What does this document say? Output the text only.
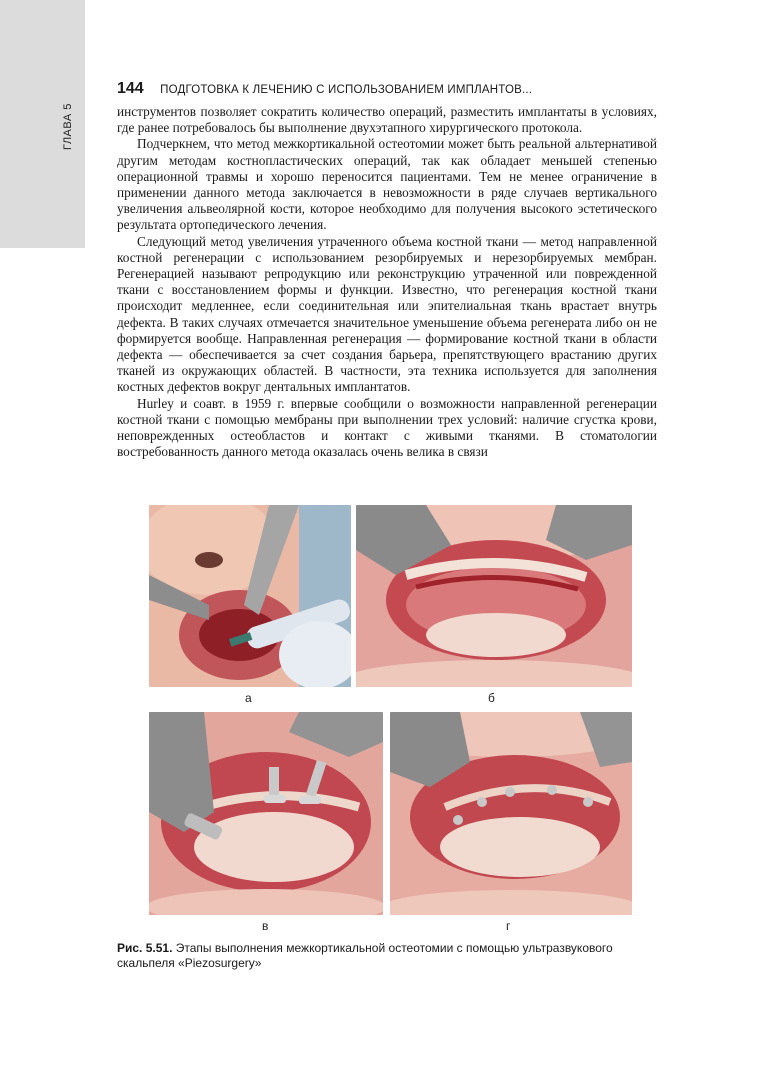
ГЛАВА 5
144 ПОДГОТОВКА К ЛЕЧЕНИЮ С ИСПОЛЬЗОВАНИЕМ ИМПЛАНТОВ...

инструментов позволяет сократить количество операций, разместить имплантаты в условиях, где ранее потребовалось бы выполнение двухэтапного хирургического протокола.

Подчеркнем, что метод межкортикальной остеотомии может быть реальной альтернативой другим методам костнопластических операций, так как обладает меньшей степенью операционной травмы и хорошо переносится пациентами. Тем не менее ограничение в применении данного метода заключается в невозможности в ряде случаев вертикального увеличения альвеолярной кости, которое необходимо для получения высокого эстетического результата ортопедического лечения.

Следующий метод увеличения утраченного объема костной ткани — метод направленной костной регенерации с использованием резорбируемых и нерезорбируемых мембран. Регенерацией называют репродукцию или реконструкцию утраченной или поврежденной ткани с восстановлением формы и функции. Известно, что регенерация костной ткани происходит медленнее, если соединительная или эпителиальная ткань врастает внутрь дефекта. В таких случаях отмечается значительное уменьшение объема регенерата либо он не формируется вообще. Направленная регенерация — формирование костной ткани в области дефекта — обеспечивается за счет создания барьера, препятствующего врастанию других тканей из окружающих областей. В частности, эта техника используется для заполнения костных дефектов вокруг дентальных имплантатов.

Hurley и соавт. в 1959 г. впервые сообщили о возможности направленной регенерации костной ткани с помощью мембраны при выполнении трех условий: наличие сгустка крови, неповрежденных остеобластов и контакт с живыми тканями. В стоматологии востребованность данного метода оказалась очень велика в связи

а	б
в	г
Рис. 5.51. Этапы выполнения межкортикальной остеотомии с помощью ультразвукового скальпеля «Piezosurgery»
